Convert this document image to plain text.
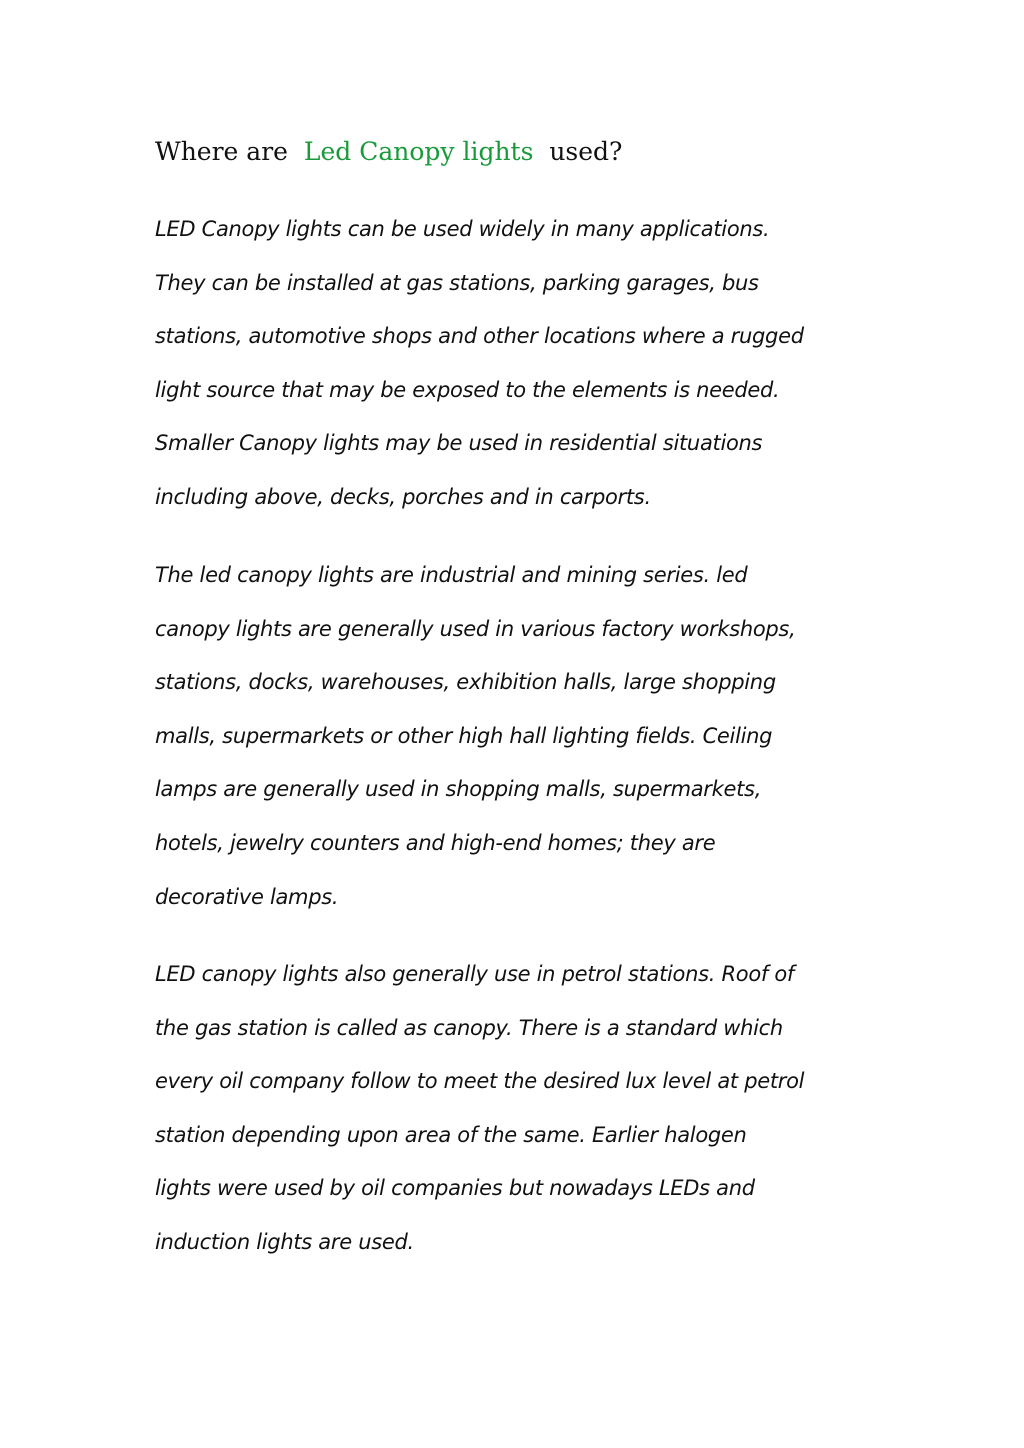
Where are  Led Canopy lights  used?

LED Canopy lights can be used widely in many applications.
They can be installed at gas stations, parking garages, bus
stations, automotive shops and other locations where a rugged
light source that may be exposed to the elements is needed.
Smaller Canopy lights may be used in residential situations
including above, decks, porches and in carports.

The led canopy lights are industrial and mining series. led
canopy lights are generally used in various factory workshops,
stations, docks, warehouses, exhibition halls, large shopping
malls, supermarkets or other high hall lighting fields. Ceiling
lamps are generally used in shopping malls, supermarkets,
hotels, jewelry counters and high-end homes; they are
decorative lamps.

LED canopy lights also generally use in petrol stations. Roof of
the gas station is called as canopy. There is a standard which
every oil company follow to meet the desired lux level at petrol
station depending upon area of the same. Earlier halogen
lights were used by oil companies but nowadays LEDs and
induction lights are used.
